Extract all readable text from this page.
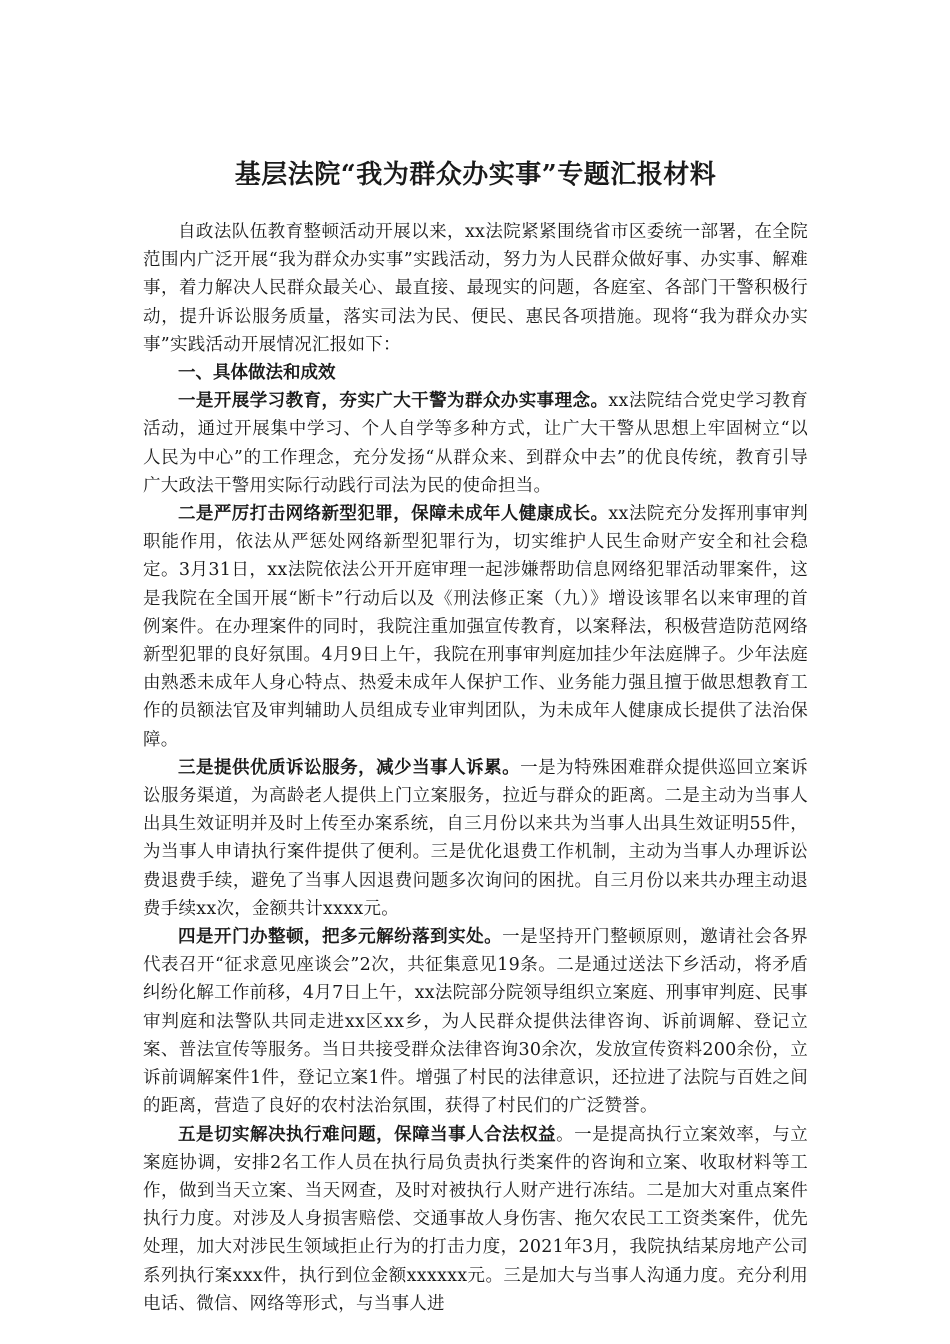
基层法院“我为群众办实事”专题汇报材料

自政法队伍教育整顿活动开展以来，xx法院紧紧围绕省市区委统一部署，在全院范围内广泛开展“我为群众办实事”实践活动，努力为人民群众做好事、办实事、解难事，着力解决人民群众最关心、最直接、最现实的问题，各庭室、各部门干警积极行动，提升诉讼服务质量，落实司法为民、便民、惠民各项措施。现将“我为群众办实事”实践活动开展情况汇报如下：

一、具体做法和成效

一是开展学习教育，夯实广大干警为群众办实事理念。xx法院结合党史学习教育活动，通过开展集中学习、个人自学等多种方式，让广大干警从思想上牢固树立“以人民为中心”的工作理念，充分发扬“从群众来、到群众中去”的优良传统，教育引导广大政法干警用实际行动践行司法为民的使命担当。

二是严厉打击网络新型犯罪，保障未成年人健康成长。xx法院充分发挥刑事审判职能作用，依法从严惩处网络新型犯罪行为，切实维护人民生命财产安全和社会稳定。3月31日，xx法院依法公开开庭审理一起涉嫌帮助信息网络犯罪活动罪案件，这是我院在全国开展“断卡”行动后以及《刑法修正案（九）》增设该罪名以来审理的首例案件。在办理案件的同时，我院注重加强宣传教育，以案释法，积极营造防范网络新型犯罪的良好氛围。4月9日上午，我院在刑事审判庭加挂少年法庭牌子。少年法庭由熟悉未成年人身心特点、热爱未成年人保护工作、业务能力强且擅于做思想教育工作的员额法官及审判辅助人员组成专业审判团队，为未成年人健康成长提供了法治保障。

三是提供优质诉讼服务，减少当事人诉累。一是为特殊困难群众提供巡回立案诉讼服务渠道，为高龄老人提供上门立案服务，拉近与群众的距离。二是主动为当事人出具生效证明并及时上传至办案系统，自三月份以来共为当事人出具生效证明55件，为当事人申请执行案件提供了便利。三是优化退费工作机制，主动为当事人办理诉讼费退费手续，避免了当事人因退费问题多次询问的困扰。自三月份以来共办理主动退费手续xx次，金额共计xxxx元。

四是开门办整顿，把多元解纷落到实处。一是坚持开门整顿原则，邀请社会各界代表召开“征求意见座谈会”2次，共征集意见19条。二是通过送法下乡活动，将矛盾纠纷化解工作前移，4月7日上午，xx法院部分院领导组织立案庭、刑事审判庭、民事审判庭和法警队共同走进xx区xx乡，为人民群众提供法律咨询、诉前调解、登记立案、普法宣传等服务。当日共接受群众法律咨询30余次，发放宣传资料200余份，立诉前调解案件1件，登记立案1件。增强了村民的法律意识，还拉进了法院与百姓之间的距离，营造了良好的农村法治氛围，获得了村民们的广泛赞誉。

五是切实解决执行难问题，保障当事人合法权益。一是提高执行立案效率，与立案庭协调，安排2名工作人员在执行局负责执行类案件的咨询和立案、收取材料等工作，做到当天立案、当天网查，及时对被执行人财产进行冻结。二是加大对重点案件执行力度。对涉及人身损害赔偿、交通事故人身伤害、拖欠农民工工资类案件，优先处理，加大对涉民生领域拒止行为的打击力度，2021年3月，我院执结某房地产公司系列执行案xxx件，执行到位金额xxxxxx元。三是加大与当事人沟通力度。充分利用电话、微信、网络等形式，与当事人进
